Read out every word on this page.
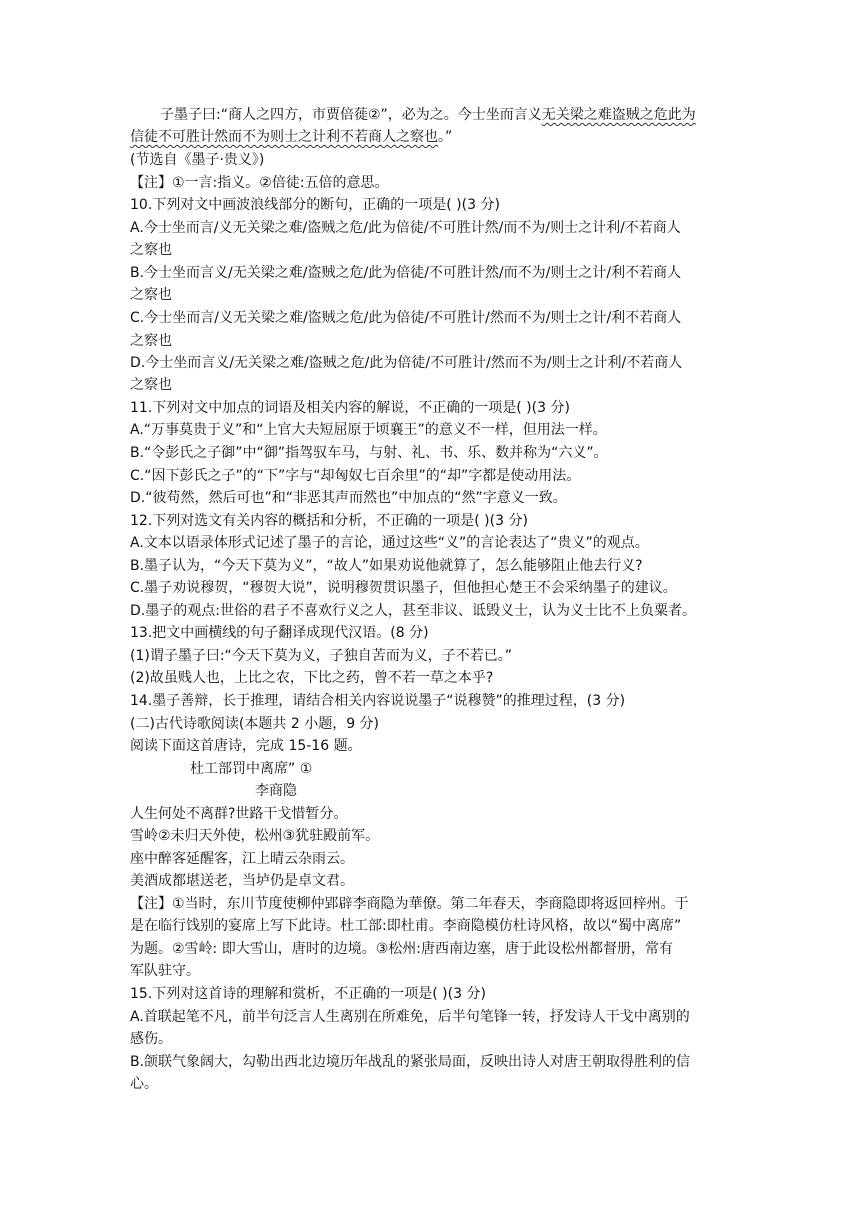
子墨子曰:“商人之四方，市贾倍蓰②”，必为之。今士坐而言义无关梁之难盗贼之危此为
信徒不可胜计然而不为则士之计利不若商人之察也。”
(节选自《墨子·贵义》)
【注】①一言:指义。②倍徒:五倍的意思。
10.下列对文中画波浪线部分的断句，正确的一项是( )(3 分)
A.今士坐而言/义无关梁之难/盗贼之危/此为倍徒/不可胜计然/而不为/则士之计利/不若商人
之察也
B.今士坐而言义/无关梁之难/盗贼之危/此为倍徒/不可胜计然/而不为/则士之计/利不若商人
之察也
C.今士坐而言/义无关梁之难/盗贼之危/此为倍徒/不可胜计/然而不为/则士之计/利不若商人
之察也
D.今士坐而言义/无关梁之难/盗贼之危/此为倍徒/不可胜计/然而不为/则士之计利/不若商人
之察也
11.下列对文中加点的词语及相关内容的解说，不正确的一项是( )(3 分)
A.“万事莫贵于义”和“上官大夫短屈原于顷襄王”的意义不一样，但用法一样。
B.“令彭氏之子御”中“御”指驾驭车马，与射、礼、书、乐、数并称为“六义”。
C.“因下彭氏之子”的“下”字与“却匈奴七百余里”的“却”字都是使动用法。
D.“彼苟然，然后可也”和“非恶其声而然也”中加点的“然”字意义一致。
12.下列对选文有关内容的概括和分析，不正确的一项是( )(3 分)
A.文本以语录体形式记述了墨子的言论，通过这些“义”的言论表达了“贵义”的观点。
B.墨子认为，“今天下莫为义”，“故人”如果劝说他就算了，怎么能够阻止他去行义?
C.墨子劝说穆贺，“穆贺大说”，说明穆贺贯识墨子，但他担心楚王不会采纳墨子的建议。
D.墨子的观点:世俗的君子不喜欢行义之人，甚至非议、诋毁义士，认为义士比不上负粟者。
13.把文中画横线的句子翻译成现代汉语。(8 分)
(1)谓子墨子曰:“今天下莫为义，子独自苦而为义，子不若已。”
(2)故虽贱人也，上比之农，下比之药，曾不若一草之本乎?
14.墨子善辩，长于推理，请结合相关内容说说墨子“说穆赞”的推理过程，(3 分)
(二)古代诗歌阅读(本题共 2 小题，9 分)
阅读下面这首唐诗，完成 15-16 题。
杜工部罚中离席” ①
李商隐
人生何处不离群?世路干戈惜暂分。
雪岭②未归天外使，松州③犹驻殿前军。
座中醉客延醒客，江上晴云杂雨云。
美酒成都堪送老，当垆仍是卓文君。
【注】①当时，东川节度使柳仲郢辟李商隐为華僚。第二年春天，李商隐即将返回梓州。于
是在临行饯别的宴席上写下此诗。杜工部:即杜甫。李商隐模仿杜诗风格，故以“蜀中离席”
为题。②雪岭: 即大雪山，唐时的边境。③松州:唐西南边塞，唐于此设松州都督册，常有
军队驻守。
15.下列对这首诗的理解和赏析，不正确的一项是( )(3 分)
A.首联起笔不凡，前半句泛言人生离别在所难免，后半句笔锋一转，抒发诗人干戈中离别的
感伤。
B.颌联气象阔大，勾勒出西北边境历年战乱的紧张局面，反映出诗人对唐王朝取得胜利的信
心。
